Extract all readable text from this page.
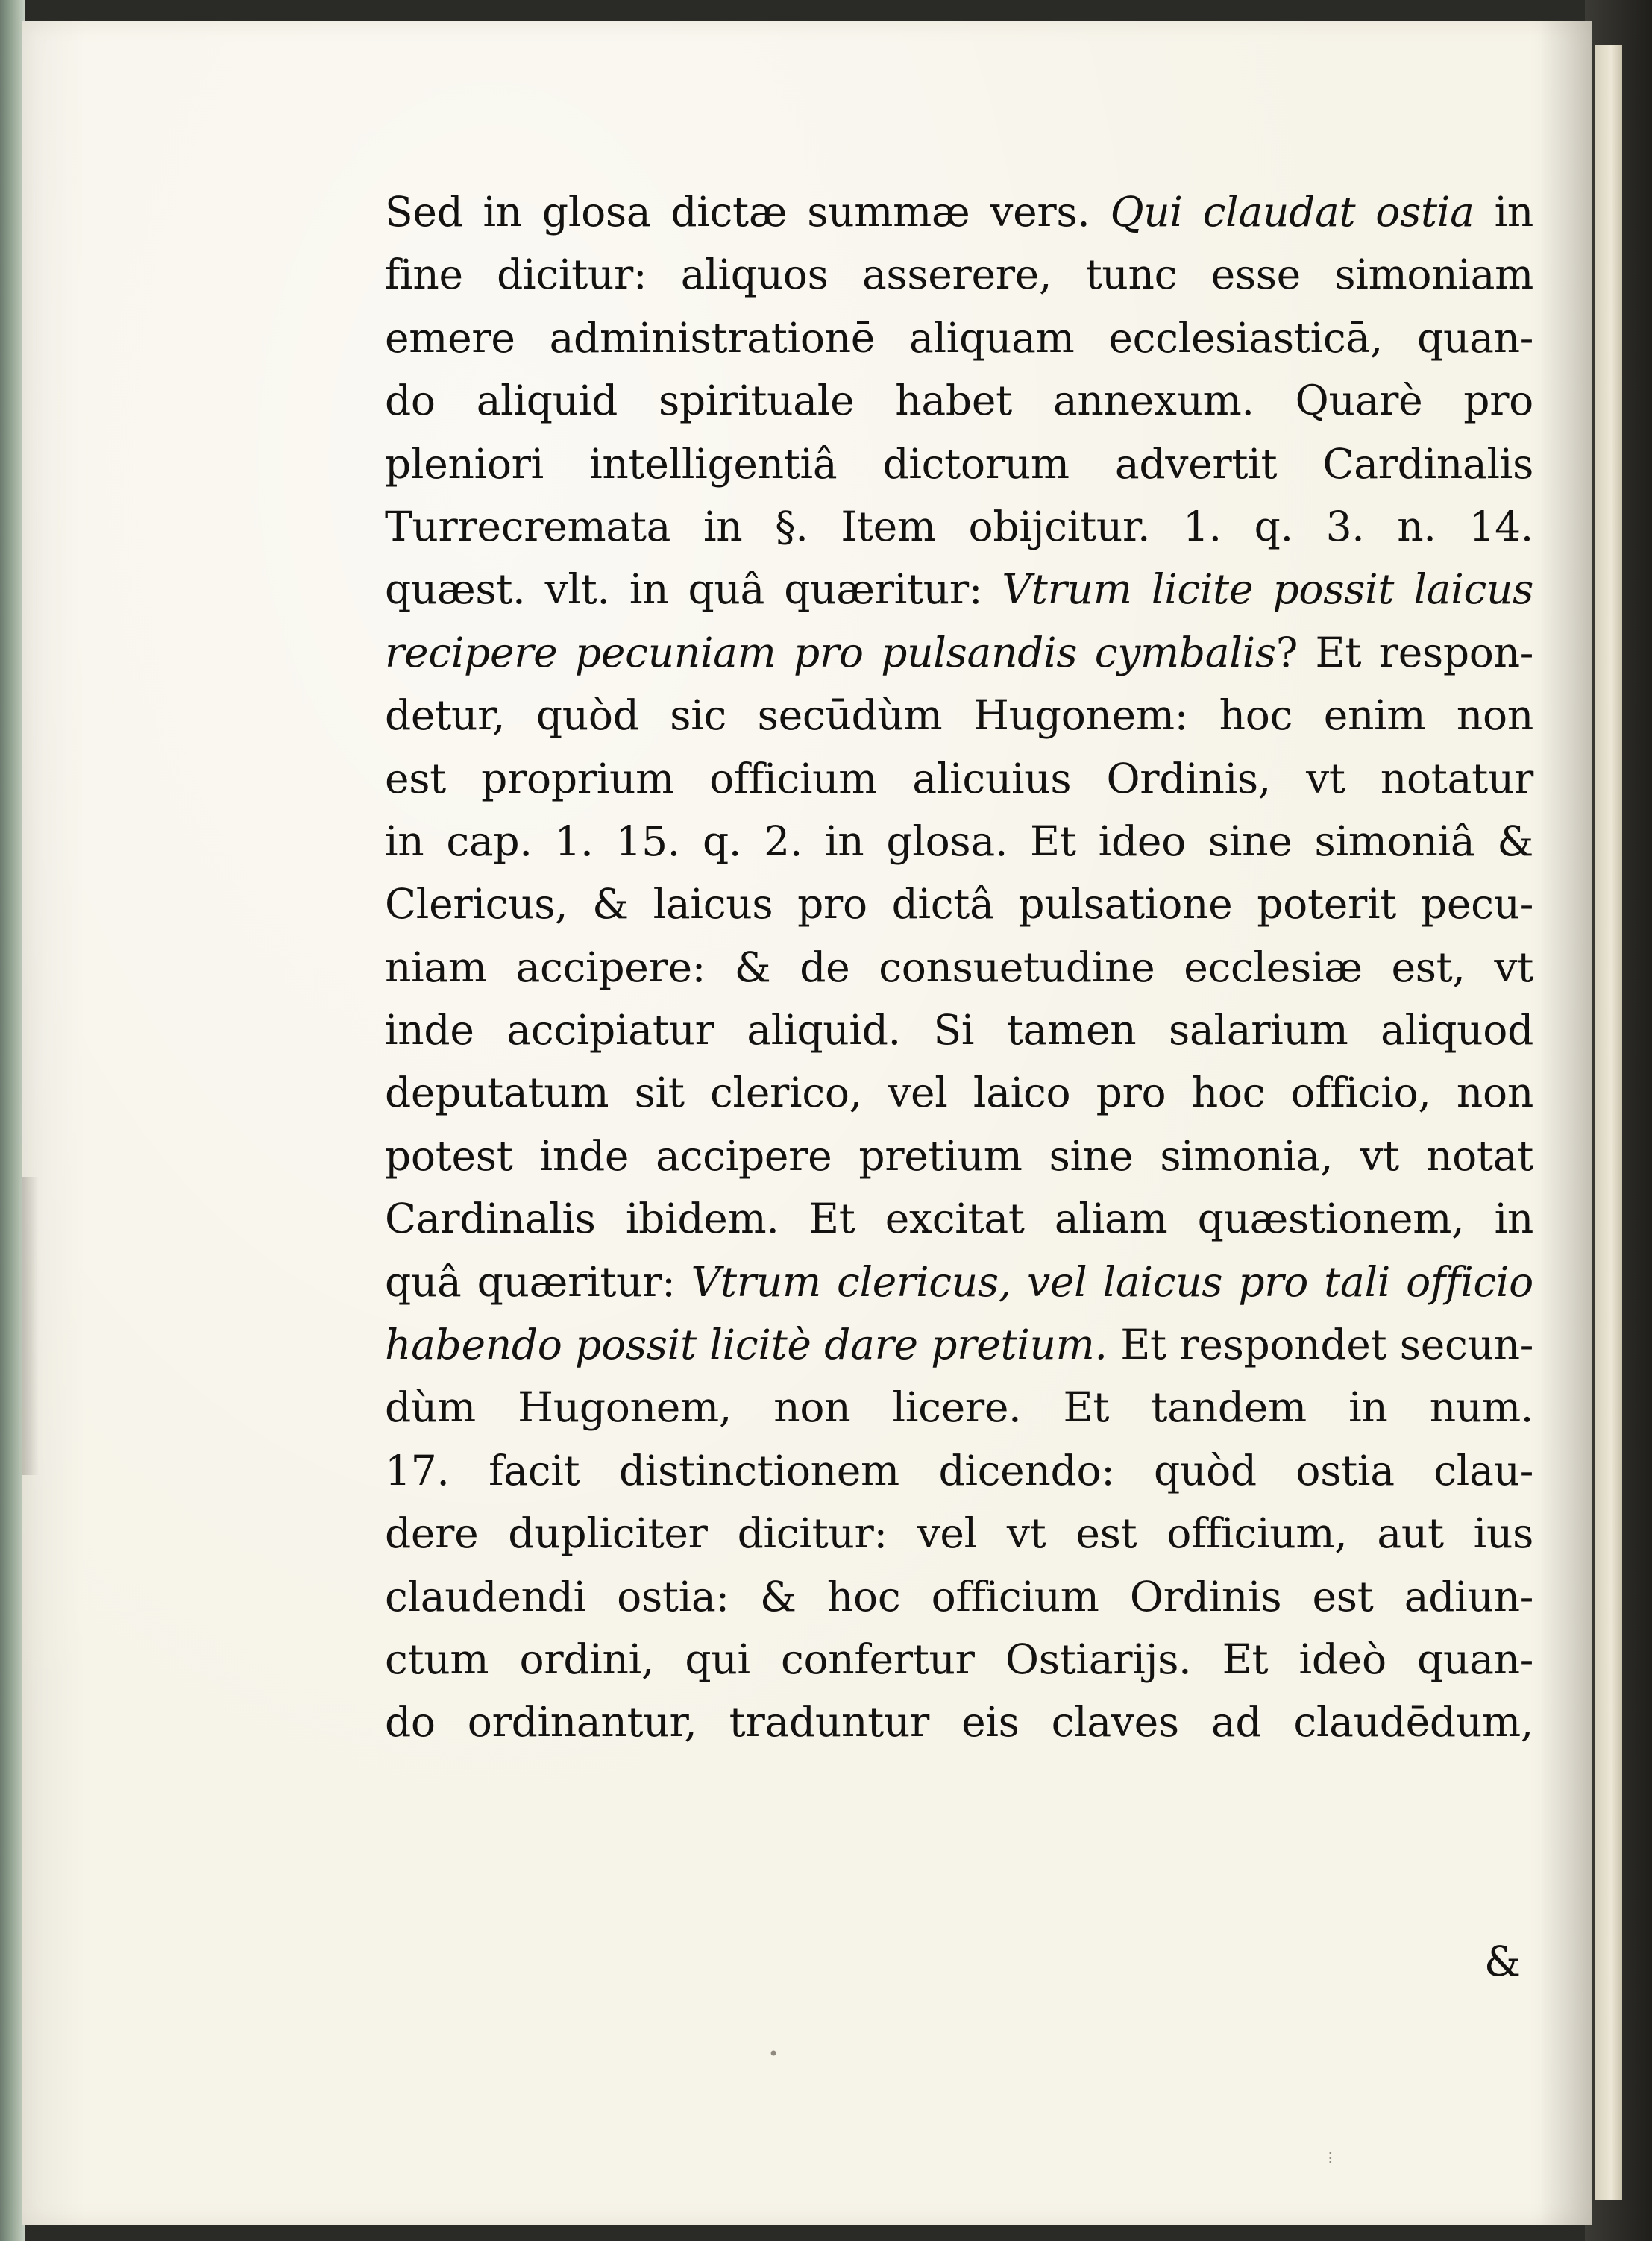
Sed in glosa dictæ summæ vers. Qui claudat ostia in
fine dicitur: aliquos asserere, tunc esse simoniam
emere administrationē aliquam ecclesiasticā, quan-
do aliquid spirituale habet annexum. Quarè pro
pleniori intelligentiâ dictorum advertit Cardinalis
Turrecremata in §. Item obijcitur. 1. q. 3. n. 14.
quæst. vlt. in quâ quæritur: Vtrum licite possit laicus
recipere pecuniam pro pulsandis cymbalis? Et respon-
detur, quòd sic secūdùm Hugonem: hoc enim non
est proprium officium alicuius Ordinis, vt notatur
in cap. 1. 15. q. 2. in glosa. Et ideo sine simoniâ &
Clericus, & laicus pro dictâ pulsatione poterit pecu-
niam accipere: & de consuetudine ecclesiæ est, vt
inde accipiatur aliquid. Si tamen salarium aliquod
deputatum sit clerico, vel laico pro hoc officio, non
potest inde accipere pretium sine simonia, vt notat
Cardinalis ibidem. Et excitat aliam quæstionem, in
quâ quæritur: Vtrum clericus, vel laicus pro tali officio
habendo possit licitè dare pretium. Et respondet secun-
dùm Hugonem, non licere. Et tandem in num.
17. facit distinctionem dicendo: quòd ostia clau-
dere dupliciter dicitur: vel vt est officium, aut ius
claudendi ostia: & hoc officium Ordinis est adiun-
ctum ordini, qui confertur Ostiarijs. Et ideò quan-
do ordinantur, traduntur eis claves ad claudēdum,
&
•
⁝
